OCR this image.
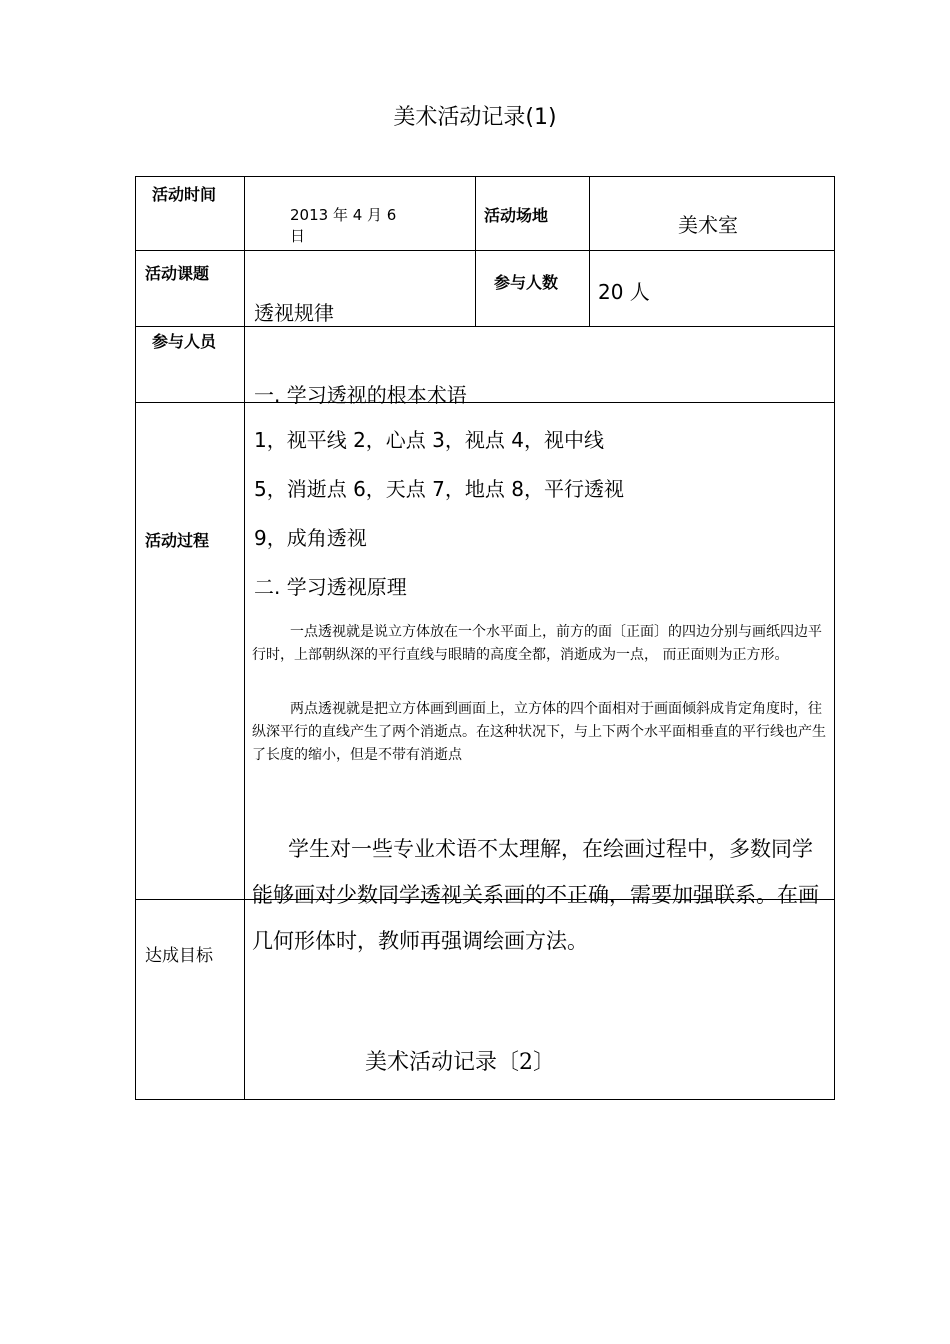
美术活动记录(1)
活动时间
2013 年 4 月 6
日
活动场地	美术室
活动课题
透视规律
参与人数 20 人
参与人员
一. 学习透视的根本术语
活动过程
1，视平线 2，心点 3，视点 4，视中线
5，消逝点 6，天点 7，地点 8，平行透视
9，成角透视
二. 学习透视原理
一点透视就是说立方体放在一个水平面上，前方的面〔正面〕的四边分别与画纸四边平行时，上部朝纵深的平行直线与眼睛的高度全都，消逝成为一点， 而正面则为正方形。
两点透视就是把立方体画到画面上，立方体的四个面相对于画面倾斜成肯定角度时，往纵深平行的直线产生了两个消逝点。在这种状况下，与上下两个水平面相垂直的平行线也产生了长度的缩小，但是不带有消逝点
学生对一些专业术语不太理解，在绘画过程中，多数同学能够画对少数同学透视关系画的不正确，需要加强联系。在画几何形体时，教师再强调绘画方法。
达成目标
美术活动记录〔2〕
